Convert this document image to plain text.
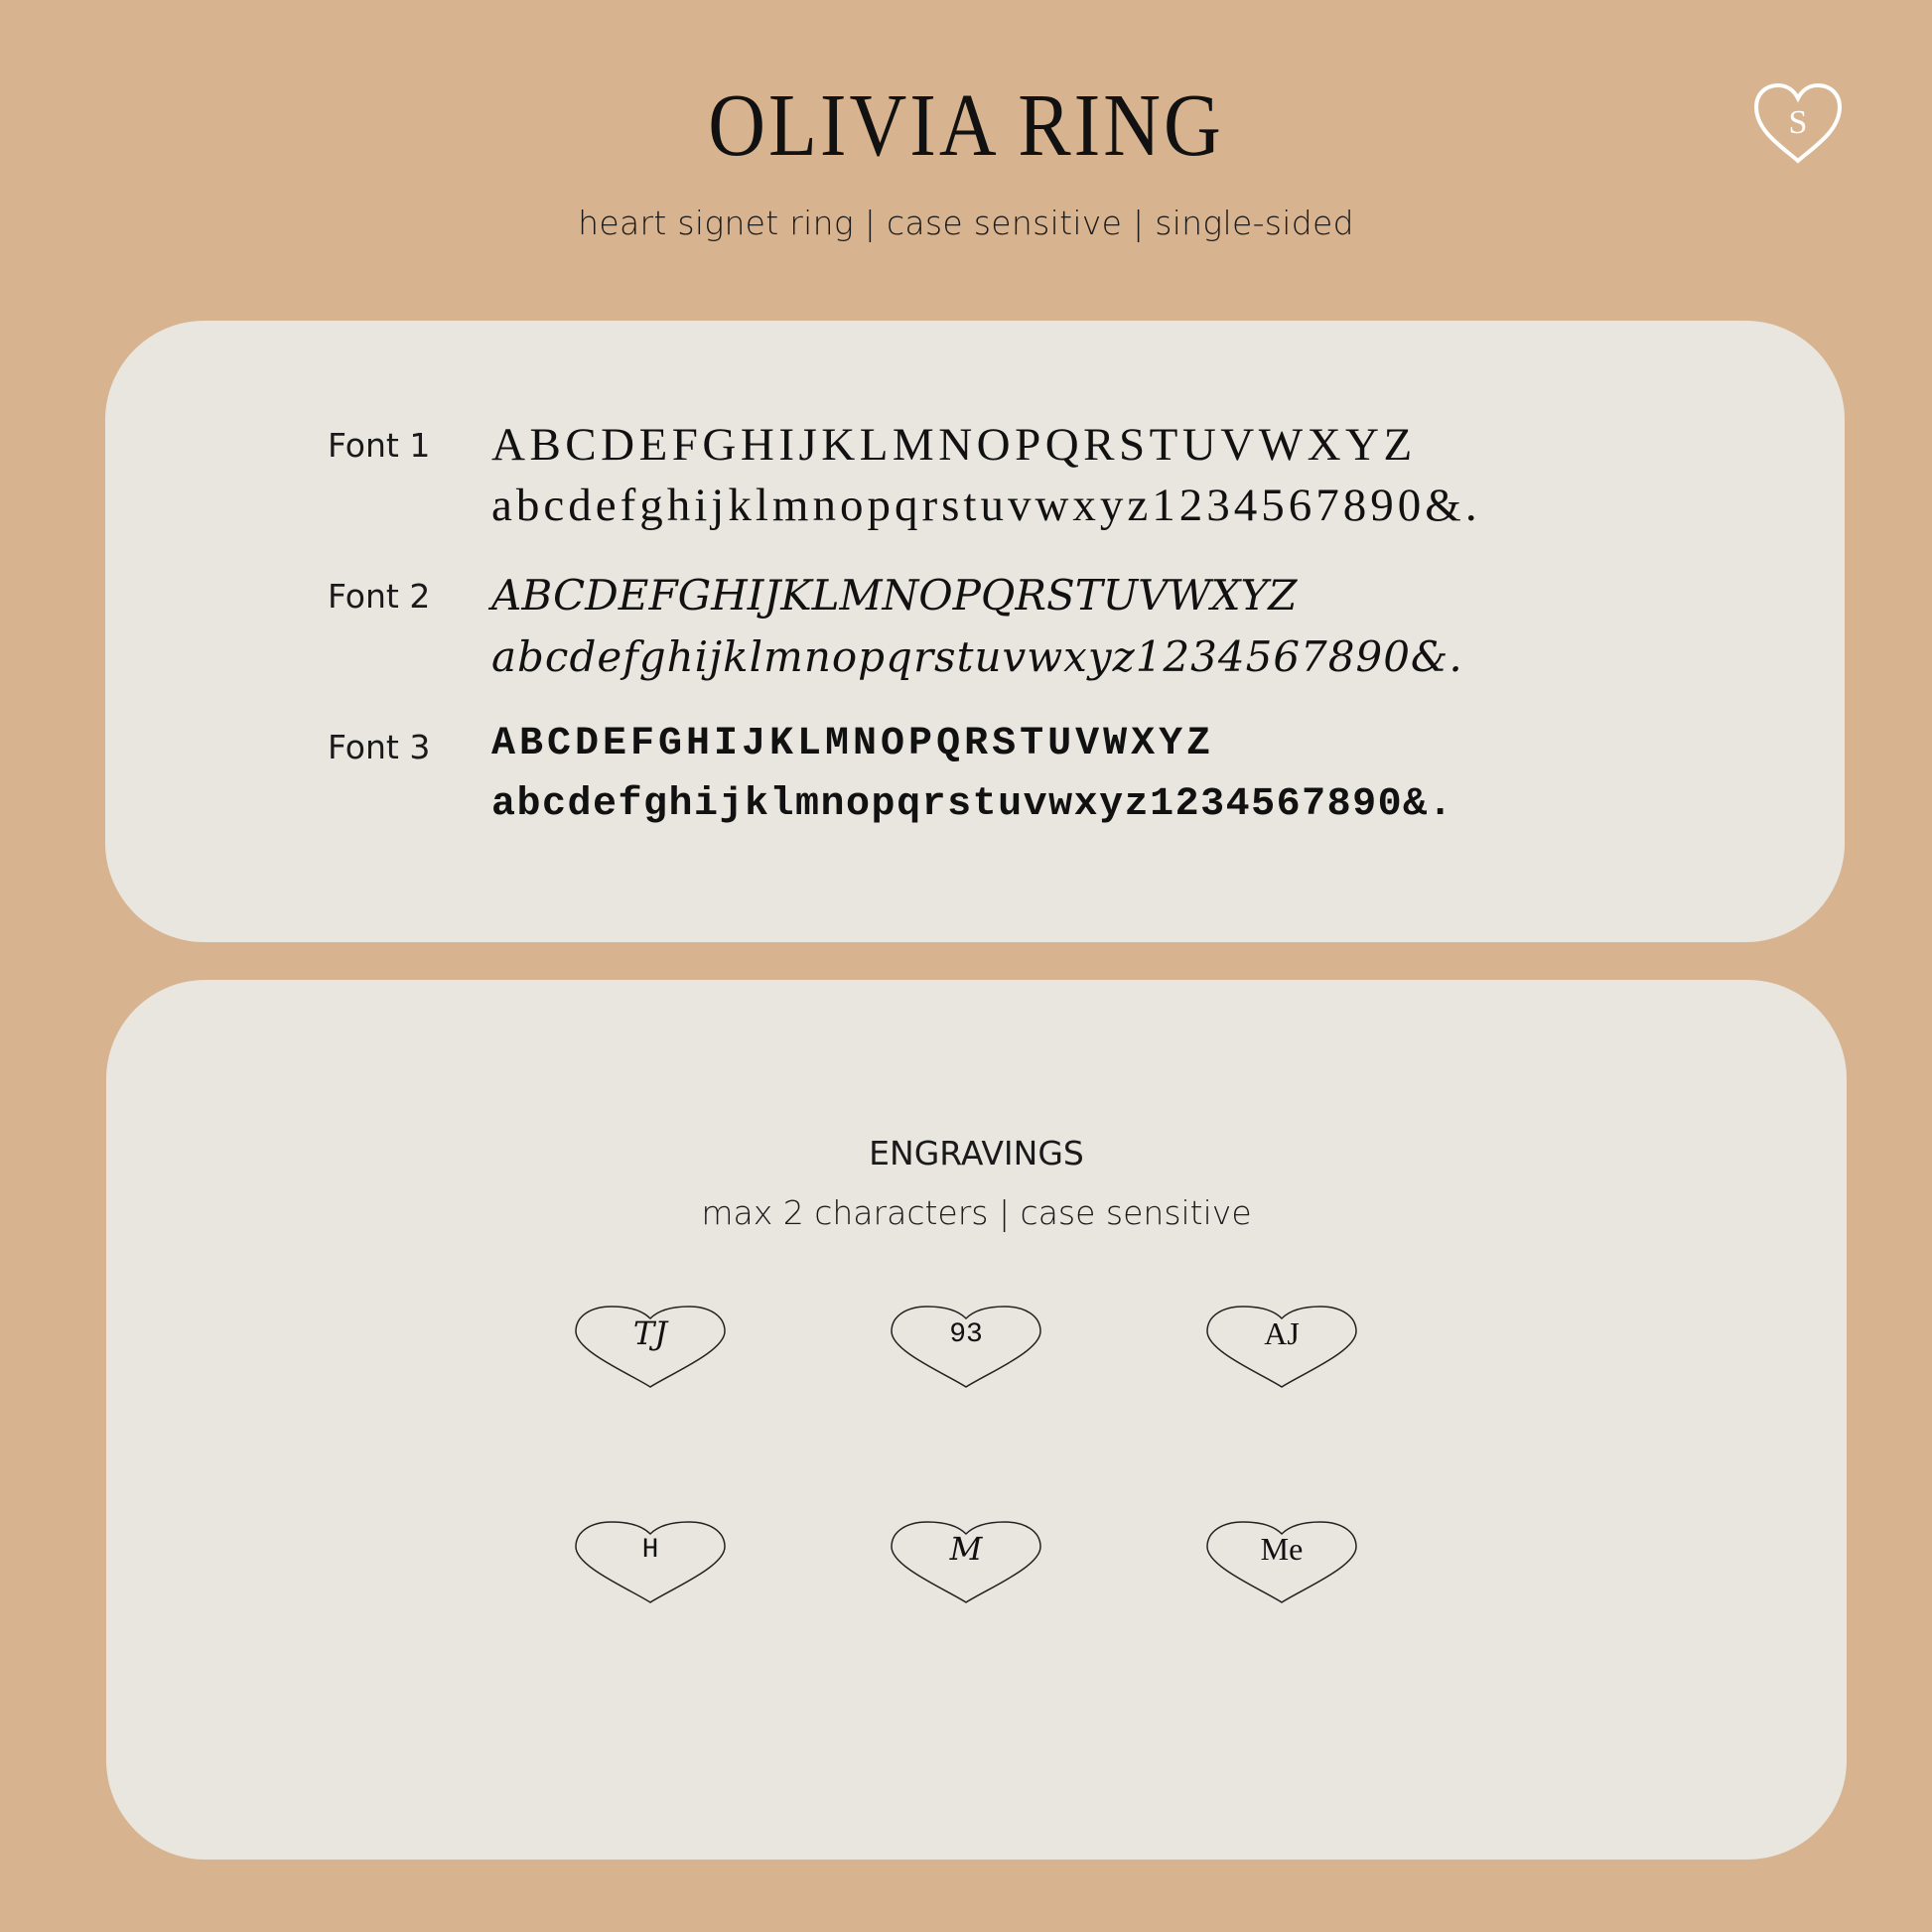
OLIVIA RING
heart signet ring | case sensitive | single-sided
S
Font 1 ABCDEFGHIJKLMNOPQRSTUVWXYZ
abcdefghijklmnopqrstuvwxyz1234567890&.
Font 2 ABCDEFGHIJKLMNOPQRSTUVWXYZ
abcdefghijklmnopqrstuvwxyz1234567890&.
Font 3 ABCDEFGHIJKLMNOPQRSTUVWXYZ
abcdefghijklmnopqrstuvwxyz1234567890&.
ENGRAVINGS
max 2 characters | case sensitive
TJ	93	AJ
H	M	Me
